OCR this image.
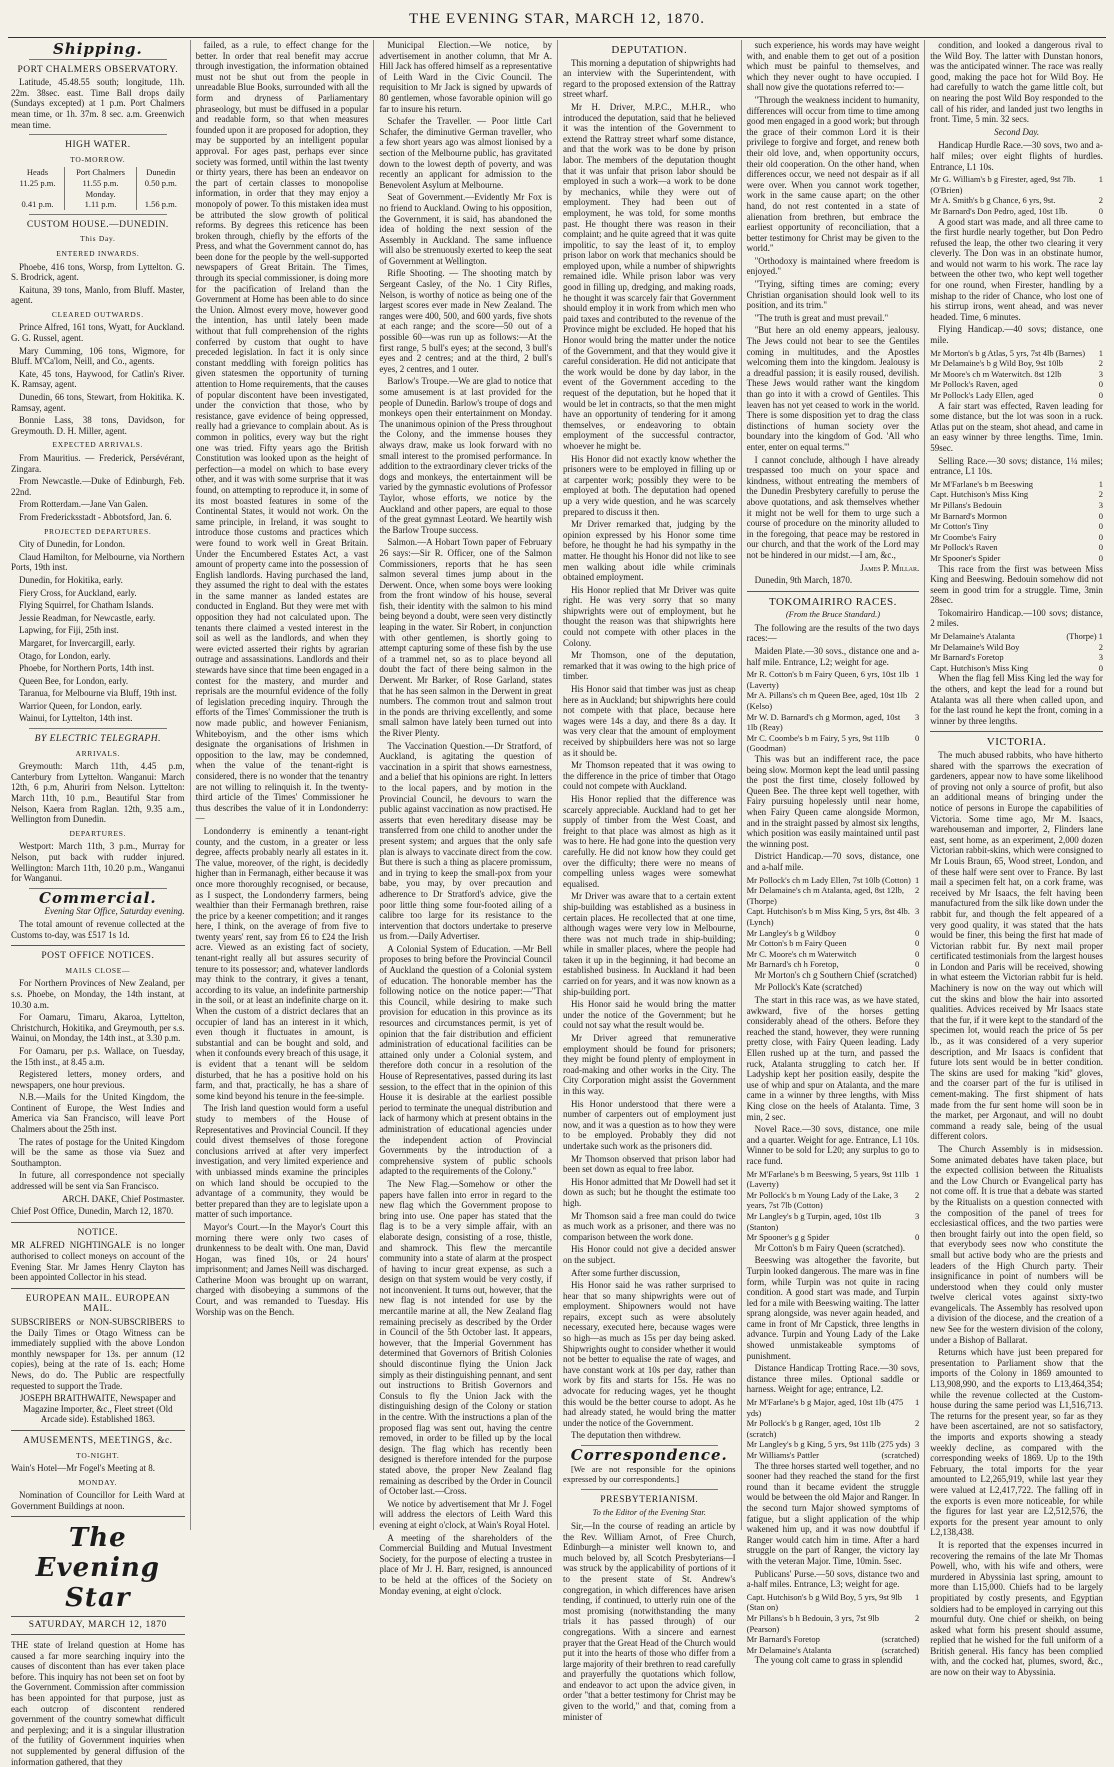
THE EVENING STAR, MARCH 12, 1870.
Shipping.
PORT CHALMERS OBSERVATORY.

Latitude, 45.48.55 south; longitude, 11h. 22m. 38sec. east. Time Ball drops daily (Sundays excepted) at 1 p.m. Port Chalmers mean time, or 1h. 37m. 8 sec. a.m. Greenwich mean time.

HIGH WATER.
TO-MORROW.
Heads	Port Chalmers	Dunedin
11.25 p.m.	11.55 p.m.	0.50 p.m.
	Monday.	
0.41 p.m.	1.11 p.m.	1.56 p.m.
CUSTOM HOUSE.—DUNEDIN.
This Day.
ENTERED INWARDS.

Phoebe, 416 tons, Worsp, from Lyttelton. G. S. Brodrick, agent.

Kaituna, 39 tons, Manlo, from Bluff. Master, agent.

CLEARED OUTWARDS.

Prince Alfred, 161 tons, Wyatt, for Auckland. G. G. Russel, agent.

Mary Cumming, 106 tons, Wigmore, for Bluff. M'Ca'lom, Neill, and Co., agents.

Kate, 45 tons, Haywood, for Catlin's River. K. Ramsay, agent.

Dunedin, 66 tons, Stewart, from Hokitika. K. Ramsay, agent.

Bonnie Lass, 38 tons, Davidson, for Greymouth. D. H. Miller, agent.

EXPECTED ARRIVALS.

From Mauritius. — Frederick, Persévérant, Zingara.

From Newcastle.—Duke of Edinburgh, Feb. 22nd.

From Rotterdam.—Jane Van Galen.

From Fredericksstadt - Abbotsford, Jan. 6.

PROJECTED DEPARTURES.

City of Dunedin, for London.

Claud Hamilton, for Melbourne, via Northern Ports, 19th inst.

Dunedin, for Hokitika, early.

Fiery Cross, for Auckland, early.

Flying Squirrel, for Chatham Islands.

Jessie Readman, for Newcastle, early.

Lapwing, for Fiji, 25th inst.

Margaret, for Invercargill, early.

Otago, for London, early.

Phoebe, for Northern Ports, 14th inst.

Queen Bee, for London, early.

Taranua, for Melbourne via Bluff, 19th inst.

Warrior Queen, for London, early.

Wainui, for Lyttelton, 14th inst.

BY ELECTRIC TELEGRAPH.
ARRIVALS.

Greymouth: March 11th, 4.45 p.m, Canterbury from Lyttelton. Wanganui: March 12th, 6 p.m, Ahuriri from Nelson. Lyttelton: March 11th, 10 p.m., Beautiful Star from Nelson, Kaera from Raglan. 12th, 9.35 a.m., Wellington from Dunedin.

DEPARTURES.

Westport: March 11th, 3 p.m., Murray for Nelson, put back with rudder injured. Wellington: March 11th, 10.20 p.m., Wanganui for Wanganui.

Commercial.

Evening Star Office, Saturday evening.

The total amount of revenue collected at the Customs to-day, was £517 1s 1d.

POST OFFICE NOTICES.
MAILS CLOSE—

For Northern Provinces of New Zealand, per s.s. Phoebe, on Monday, the 14th instant, at 10.30 a.m.

For Oamaru, Timaru, Akaroa, Lyttelton, Christchurch, Hokitika, and Greymouth, per s.s. Wainui, on Monday, the 14th inst., at 3.30 p.m.

For Oamaru, per p.s. Wallace, on Tuesday, the 15th inst., at 8.45 a.m.

Registered letters, money orders, and newspapers, one hour previous.

N.B.—Mails for the United Kingdom, the Continent of Europe, the West Indies and America via San Francisco, will leave Port Chalmers about the 25th inst.

The rates of postage for the United Kingdom will be the same as those via Suez and Southampton.

In future, all correspondence not specially addressed will be sent via San Francisco.

ARCH. DAKE, Chief Postmaster.

Chief Post Office, Dunedin, March 12, 1870.

NOTICE.

MR ALFRED NIGHTINGALE is no longer authorised to collect moneys on account of the Evening Star. Mr James Henry Clayton has been appointed Collector in his stead.

EUROPEAN MAIL. EUROPEAN MAIL.

SUBSCRIBERS or NON-SUBSCRIBERS to the Daily Times or Otago Witness can be immediately supplied with the above London monthly newspaper for 13s. per annum (12 copies), being at the rate of 1s. each; Home News, do do. The Public are respectfully requested to support the Trade.

JOSEPH BRAITHWAITE, Newspaper and Magazine Importer, &c., Fleet street (Old Arcade side). Established 1863.

AMUSEMENTS, MEETINGS, &c.
TO-NIGHT.

Wain's Hotel—Mr Fogel's Meeting at 8.

MONDAY.

Nomination of Councillor for Leith Ward at Government Buildings at noon.

The Evening Star
SATURDAY, MARCH 12, 1870

THE state of Ireland question at Home has caused a far more searching inquiry into the causes of discontent than has ever taken place before. This inquiry has not been set on foot by the Government. Commission after commission has been appointed for that purpose, just as each outcrop of discontent rendered government of the country somewhat difficult and perplexing; and it is a singular illustration of the futility of Government inquiries when not supplemented by general diffusion of the information gathered, that they

failed, as a rule, to effect change for the better. In order that real benefit may accrue through investigation, the information obtained must not be shut out from the people in unreadable Blue Books, surrounded with all the form and dryness of Parliamentary phraseology, but must be diffused in a popular and readable form, so that when measures founded upon it are proposed for adoption, they may be supported by an intelligent popular approval. For ages past, perhaps ever since society was formed, until within the last twenty or thirty years, there has been an endeavor on the part of certain classes to monopolise information, in order that they may enjoy a monopoly of power. To this mistaken idea must be attributed the slow growth of political reforms. By degrees this reticence has been broken through, chiefly by the efforts of the Press, and what the Government cannot do, has been done for the people by the well-supported newspapers of Great Britain. The Times, through its special commissioner, is doing more for the pacification of Ireland than the Government at Home has been able to do since the Union. Almost every move, however good the intention, has until lately been made without that full comprehension of the rights conferred by custom that ought to have preceded legislation. In fact it is only since constant meddling with foreign politics has given statesmen the opportunity of turning attention to Home requirements, that the causes of popular discontent have been investigated, under the conviction that those, who by resistance, gave evidence of being oppressed, really had a grievance to complain about. As is common in politics, every way but the right one was tried. Fifty years ago the British Constitution was looked upon as the height of perfection—a model on which to base every other, and it was with some surprise that it was found, on attempting to reproduce it, in some of its most boasted features in some of the Continental States, it would not work. On the same principle, in Ireland, it was sought to introduce those customs and practices which were found to work well in Great Britain. Under the Encumbered Estates Act, a vast amount of property came into the possession of English landlords. Having purchased the land, they assumed the right to deal with the estates in the same manner as landed estates are conducted in England. But they were met with opposition they had not calculated upon. The tenants there claimed a vested interest in the soil as well as the landlords, and when they were evicted asserted their rights by agrarian outrage and assassinations. Landlords and their stewards have since that time been engaged in a contest for the mastery, and murder and reprisals are the mournful evidence of the folly of legislation preceding inquiry. Through the efforts of the Times' Commissioner the truth is now made public, and however Fenianism, Whiteboyism, and the other isms which designate the organisations of Irishmen in opposition to the law, may be condemned, when the value of the tenant-right is considered, there is no wonder that the tenantry are not willing to relinquish it. In the twenty-third article of the Times' Commissioner he thus describes the value of it in Londonderry:—

Londonderry is eminently a tenant-right county, and the custom, in a greater or less degree, affects probably nearly all estates in it. The value, moreover, of the right, is decidedly higher than in Fermanagh, either because it was once more thoroughly recognised, or because, as I suspect, the Londonderry farmers, being wealthier than their Fermanagh brethren, raise the price by a keener competition; and it ranges here, I think, on the average of from five to twenty years' rent, say from £6 to £24 the Irish acre. Viewed as an existing fact of society, tenant-right really all but assures security of tenure to its possessor; and, whatever landlords may think to the contrary, it gives a tenant, according to its value, an indefinite partnership in the soil, or at least an indefinite charge on it. When the custom of a district declares that an occupier of land has an interest in it which, even though it fluctuates in amount, is substantial and can be bought and sold, and when it confounds every breach of this usage, it is evident that a tenant will be seldom disturbed, that he has a positive hold on his farm, and that, practically, he has a share of some kind beyond his tenure in the fee-simple.

The Irish land question would form a useful study to members of the House of Representatives and Provincial Council. If they could divest themselves of those foregone conclusions arrived at after very imperfect investigation, and very limited experience and with unbiassed minds examine the principles on which land should be occupied to the advantage of a community, they would be better prepared than they are to legislate upon a matter of such importance.

Mayor's Court.—In the Mayor's Court this morning there were only two cases of drunkenness to be dealt with. One man, David Hogan, was fined 10s, or 24 hours' imprisonment; and James Neill was discharged. Catherine Moon was brought up on warrant, charged with disobeying a summons of the Court, and was remanded to Tuesday. His Worship was on the Bench.

Municipal Election.—We notice, by advertisement in another column, that Mr A. Hill Jack has offered himself as a representative of Leith Ward in the Civic Council. The requisition to Mr Jack is signed by upwards of 80 gentlemen, whose favorable opinion will go far to insure his return.

Schafer the Traveller. — Poor little Carl Schafer, the diminutive German traveller, who a few short years ago was almost lionised by a section of the Melbourne public, has gravitated down to the lowest depth of poverty, and was recently an applicant for admission to the Benevolent Asylum at Melbourne.

Seat of Government.—Evidently Mr Fox is no friend to Auckland. Owing to his opposition, the Government, it is said, has abandoned the idea of holding the next session of the Assembly in Auckland. The same influence will also be strenuously exerted to keep the seat of Government at Wellington.

Rifle Shooting. — The shooting match by Sergeant Casley, of the No. 1 City Rifles, Nelson, is worthy of notice as being one of the largest scores ever made in New Zealand. The ranges were 400, 500, and 600 yards, five shots at each range; and the score—50 out of a possible 60—was run up as follows:—At the first range, 5 bull's eyes; at the second, 3 bull's eyes and 2 centres; and at the third, 2 bull's eyes, 2 centres, and 1 outer.

Barlow's Troupe.—We are glad to notice that some amusement is at last provided for the people of Dunedin. Barlow's troupe of dogs and monkeys open their entertainment on Monday. The unanimous opinion of the Press throughout the Colony, and the immense houses they always draw, make us look forward with no small interest to the promised performance. In addition to the extraordinary clever tricks of the dogs and monkeys, the entertainment will be varied by the gymnastic evolutions of Professor Taylor, whose efforts, we notice by the Auckland and other papers, are equal to those of the great gymnast Leotard. We heartily wish the Barlow Troupe success.

Salmon.—A Hobart Town paper of February 26 says:—Sir R. Officer, one of the Salmon Commissioners, reports that he has seen salmon several times jump about in the Derwent. Once, when some boys were looking from the front window of his house, several fish, their identity with the salmon to his mind being beyond a doubt, were seen very distinctly leaping in the water. Sir Robert, in conjunction with other gentlemen, is shortly going to attempt capturing some of these fish by the use of a trammel net, so as to place beyond all doubt the fact of there being salmon in the Derwent. Mr Barker, of Rose Garland, states that he has seen salmon in the Derwent in great numbers. The common trout and salmon trout in the ponds are thriving excellently, and some small salmon have lately been turned out into the River Plenty.

The Vaccination Question.—Dr Stratford, of Auckland, is agitating the question of vaccination in a spirit that shows earnestness, and a belief that his opinions are right. In letters to the local papers, and by motion in the Provincial Council, he devours to warn the public against vaccination as now practised. He asserts that even hereditary disease may be transferred from one child to another under the present system; and argues that the only safe plan is always to vaccinate direct from the cow. But there is such a thing as placere promissum, and in trying to keep the small-pox from your babe, you may, by over precaution and adherence to Dr Stratford's advice, give the poor little thing some four-footed ailing of a calibre too large for its resistance to the intervention that doctors undertake to preserve us from.—Daily Advertiser.

A Colonial System of Education. —Mr Bell proposes to bring before the Provincial Council of Auckland the question of a Colonial system of education. The honorable member has the following notice on the notice paper:—"That this Council, while desiring to make such provision for education in this province as its resources and circumstances permit, is yet of opinion that the fair distribution and efficient administration of educational facilities can be attained only under a Colonial system, and therefore doth concur in a resolution of the House of Representatives, passed during its last session, to the effect that in the opinion of this House it is desirable at the earliest possible period to terminate the unequal distribution and lack of harmony which at present obtains in the administration of educational agencies under the independent action of Provincial Governments by the introduction of a comprehensive system of public schools adapted to the requirements of the Colony."

The New Flag.—Somehow or other the papers have fallen into error in regard to the new flag which the Government propose to bring into use. One paper has stated that the flag is to be a very simple affair, with an elaborate design, consisting of a rose, thistle, and shamrock. This flew the mercantile community into a state of alarm at the prospect of having to incur great expense, as such a design on that system would be very costly, if not inconvenient. It turns out, however, that the new flag is not intended for use by the mercantile marine at all, the New Zealand flag remaining precisely as described by the Order in Council of the 5th October last. It appears, however, that the Imperial Government has determined that Governors of British Colonies should discontinue flying the Union Jack simply as their distinguishing pennant, and sent out instructions to British Governors and Consuls to fly the Union Jack with the distinguishing design of the Colony or station in the centre. With the instructions a plan of the proposed flag was sent out, having the centre removed, in order to be filled up by the local design. The flag which has recently been designed is therefore intended for the purpose stated above, the proper New Zealand flag remaining as described by the Order in Council of October last.—Cross.

We notice by advertisement that Mr J. Fogel will address the electors of Leith Ward this evening at eight o'clock, at Wain's Royal Hotel.

A meeting of the shareholders of the Commercial Building and Mutual Investment Society, for the purpose of electing a trustee in place of Mr J. H. Barr, resigned, is announced to be held at the offices of the Society on Monday evening, at eight o'clock.

DEPUTATION.

This morning a deputation of shipwrights had an interview with the Superintendent, with regard to the proposed extension of the Rattray street wharf.

Mr H. Driver, M.P.C., M.H.R., who introduced the deputation, said that he believed it was the intention of the Government to extend the Rattray street wharf some distance, and that the work was to be done by prison labor. The members of the deputation thought that it was unfair that prison labor should be employed in such a work—a work to be done by mechanics, while they were out of employment. They had been out of employment, he was told, for some months past. He thought there was reason in their complaint; and he quite agreed that it was quite impolitic, to say the least of it, to employ prison labor on work that mechanics should be employed upon, while a number of shipwrights remained idle. While prison labor was very good in filling up, dredging, and making roads, he thought it was scarcely fair that Government should employ it in work from which men who paid taxes and contributed to the revenue of the Province might be excluded. He hoped that his Honor would bring the matter under the notice of the Government, and that they would give it careful consideration. He did not anticipate that the work would be done by day labor, in the event of the Government acceding to the request of the deputation, but he hoped that it would be let in contracts, so that the men might have an opportunity of tendering for it among themselves, or endeavoring to obtain employment of the successful contractor, whoever he might be.

His Honor did not exactly know whether the prisoners were to be employed in filling up or at carpenter work; possibly they were to be employed at both. The deputation had opened up a very wide question, and he was scarcely prepared to discuss it then.

Mr Driver remarked that, judging by the opinion expressed by his Honor some time before, he thought he had his sympathy in the matter. He thought his Honor did not like to see men walking about idle while criminals obtained employment.

His Honor replied that Mr Driver was quite right. He was very sorry that so many shipwrights were out of employment, but he thought the reason was that shipwrights here could not compete with other places in the Colony.

Mr Thomson, one of the deputation, remarked that it was owing to the high price of timber.

His Honor said that timber was just as cheap here as in Auckland; but shipwrights here could not compete with that place, because here wages were 14s a day, and there 8s a day. It was very clear that the amount of employment received by shipbuilders here was not so large as it should be.

Mr Thomson repeated that it was owing to the difference in the price of timber that Otago could not compete with Auckland.

His Honor replied that the difference was scarcely appreciable. Auckland had to get her supply of timber from the West Coast, and freight to that place was almost as high as it was to here. He had gone into the question very carefully. He did not know how they could get over the difficulty; there were no means of compelling unless wages were somewhat equalised.

Mr Driver was aware that to a certain extent ship-building was established as a business in certain places. He recollected that at one time, although wages were very low in Melbourne, there was not much trade in ship-building; while in smaller places, where the people had taken it up in the beginning, it had become an established business. In Auckland it had been carried on for years, and it was now known as a ship-building port.

His Honor said he would bring the matter under the notice of the Government; but he could not say what the result would be.

Mr Driver agreed that remunerative employment should be found for prisoners; they might be found plenty of employment in road-making and other works in the City. The City Corporation might assist the Government in this way.

His Honor understood that there were a number of carpenters out of employment just now, and it was a question as to how they were to be employed. Probably they did not undertake such work as the prisoners did.

Mr Thomson observed that prison labor had been set down as equal to free labor.

His Honor admitted that Mr Dowell had set it down as such; but he thought the estimate too high.

Mr Thomson said a free man could do twice as much work as a prisoner, and there was no comparison between the work done.

His Honor could not give a decided answer on the subject.

After some further discussion,

His Honor said he was rather surprised to hear that so many shipwrights were out of employment. Shipowners would not have repairs, except such as were absolutely necessary, executed here, because wages were so high—as much as 15s per day being asked. Shipwrights ought to consider whether it would not be better to equalise the rate of wages, and have constant work at 10s per day, rather than work by fits and starts for 15s. He was no advocate for reducing wages, yet he thought this would be the better course to adopt. As he had already stated, he would bring the matter under the notice of the Government.

The deputation then withdrew.

Correspondence.

[We are not responsible for the opinions expressed by our correspondents.]

PRESBYTERIANISM.
To the Editor of the Evening Star.

Sir,—In the course of reading an article by the Rev. William Arnot, of Free Church, Edinburgh—a minister well known to, and much beloved by, all Scotch Presbyterians—I was struck by the applicability of portions of it to the present state of St. Andrew's congregation, in which differences have arisen tending, if continued, to utterly ruin one of the most promising (notwithstanding the many trials it has passed through) of our congregations. With a sincere and earnest prayer that the Great Head of the Church would put it into the hearts of those who differ from a large majority of their brethren to read carefully and prayerfully the quotations which follow, and endeavor to act upon the advice given, in order "that a better testimony for Christ may be given to the world," and that, coming from a minister of

such experience, his words may have weight with, and enable them to get out of a position which must be painful to themselves, and which they never ought to have occupied. I shall now give the quotations referred to:—

"Through the weakness incident to humanity, differences will occur from time to time among good men engaged in a good work; but through the grace of their common Lord it is their privilege to forgive and forget, and renew both their old love, and, when opportunity occurs, their old cooperation. On the other hand, when differences occur, we need not despair as if all were over. When you cannot work together, work in the same cause apart; on the other hand, do not rest contented in a state of alienation from brethren, but embrace the earliest opportunity of reconciliation, that a better testimony for Christ may be given to the world."

"Orthodoxy is maintained where freedom is enjoyed."

"Trying, sifting times are coming; every Christian organisation should look well to its position, and its trim."

"The truth is great and must prevail."

"But here an old enemy appears, jealousy. The Jews could not bear to see the Gentiles coming in multitudes, and the Apostles welcoming them into the kingdom. Jealousy is a dreadful passion; it is easily roused, devilish. These Jews would rather want the kingdom than go into it with a crowd of Gentiles. This leaven has not yet ceased to work in the world. There is some disposition yet to drag the class distinctions of human society over the boundary into the kingdom of God. 'All who enter, enter on equal terms.'"

I cannot conclude, although I have already trespassed too much on your space and kindness, without entreating the members of the Dunedin Presbytery carefully to peruse the above quotations, and ask themselves whether it might not be well for them to urge such a course of procedure on the minority alluded to in the foregoing, that peace may be restored in our church, and that the work of the Lord may not be hindered in our midst.—I am, &c.,

James P. Millar.

Dunedin, 9th March, 1870.

TOKOMAIRIRO RACES.
(From the Bruce Standard.)

The following are the results of the two days races:—

Maiden Plate.—30 sovs., distance one and a-half mile. Entrance, L2; weight for age.

Mr R. Cotton's b m Fairy Queen, 6 yrs, 10st 1lb (Laverty)
1
Mr A. Pillans's ch m Queen Bee, aged, 10st 1lb (Kelso)
2
Mr W. D. Barnard's ch g Mormon, aged, 10st 1lb (Reay)
3
Mr C. Coombe's b m Fairy, 5 yrs, 9st 11lb (Goodman)
0

This was but an indifferent race, the pace being slow. Mormon kept the lead until passing the post the first time, closely followed by Queen Bee. The three kept well together, with Fairy pursuing hopelessly until near home, when Fairy Queen came alongside Mormon, and in the straight passed by almost six lengths, which position was easily maintained until past the winning post.

District Handicap.—70 sovs, distance, one and a-half mile.

Mr Pollock's ch m Lady Ellen, 7st 10lb (Cotton) 1
Mr Delamaine's ch m Atalanta, aged, 8st 12lb, (Thorpe)
2
Capt. Hutchison's b m Miss King, 5 yrs, 8st 4lb. (Lynch)
3
Mr Langley's b g Wildboy	0
Mr Cotton's b m Fairy Queen	0
Mr C. Moore's ch m Waterwitch	0
Mr Barnard's ch h Foretop,	0

Mr Morton's ch g Southern Chief (scratched)

Mr Pollock's Kate (scratched)

The start in this race was, as we have stated, awkward, five of the horses getting considerably ahead of the others. Before they reached the stand, however, they were running pretty close, with Fairy Queen leading. Lady Ellen rushed up at the turn, and passed the ruck, Atalanta struggling to catch her. If Ladyship kept her position easily, despite the use of whip and spur on Atalanta, and the mare came in a winner by three lengths, with Miss King close on the heels of Atalanta. Time, 3 min, 2 sec.

Novel Race.—30 sovs, distance, one mile and a quarter. Weight for age. Entrance, L1 10s. Winner to be sold for L20; any surplus to go to race fund.

Mr M'Farlane's b m Beeswing, 5 years, 9st 11lb (Laverty)
1
Mr Pollock's b m Young Lady of the Lake, 3 years, 7st 7lb (Cotton)
2
Mr Langley's b g Turpin, aged, 10st 1lb (Stanton)
3
Mr Spooner's g g Spider	0

Mr Cotton's b m Fairy Queen (scratched).

Beeswing was altogether the favorite, but Turpin looked dangerous. The mare was in fine form, while Turpin was not quite in racing condition. A good start was made, and Turpin led for a mile with Beeswing waiting. The latter sprang alongside, was never again headed, and came in front of Mr Capstick, three lengths in advance. Turpin and Young Lady of the Lake showed unmistakeable symptoms of punishment.

Distance Handicap Trotting Race.—30 sovs, distance three miles. Optional saddle or harness. Weight for age; entrance, L2.

Mr M'Farlane's b g Major, aged, 10st 1lb (475 yds)
1
Mr Pollock's b g Ranger, aged, 10st 1lb (scratch)
2
Mr Langley's b g King, 5 yrs, 9st 11lb (275 yds) 3
Mr Williams's Pattler	(scratched)

The three horses started well together, and no sooner had they reached the stand for the first round than it became evident the struggle would be between the old Major and Ranger. In the second turn Major showed symptoms of fatigue, but a slight application of the whip wakened him up, and it was now doubtful if Ranger would catch him in time. After a hard struggle on the part of Ranger, the victory lay with the veteran Major. Time, 10min. 5sec.

Publicans' Purse.—50 sovs, distance two and a-half miles. Entrance, L3; weight for age.

Capt. Hutchison's b g Wild Boy, 5 yrs, 9st 9lb (Stan on)
1
Mr Pillans's b h Bedouin, 3 yrs, 7st 9lb (Pearson)
2
Mr Barnard's Foretop	(scratched)
Mr Delamaine's Atalanta	(scratched)

The young colt came to grass in splendid

condition, and looked a dangerous rival to the Wild Boy. The latter with Dunstan honors, was the anticipated winner. The race was really good, making the pace hot for Wild Boy. He had carefully to watch the game little colt, but on nearing the post Wild Boy responded to the call of his rider, and landed just two lengths in front. Time, 5 min. 32 secs.

Second Day.

Handicap Hurdle Race.—30 sovs, two and a-half miles; over eight flights of hurdles. Entrance, L1 10s.

Mr G. William's b g Firester, aged, 9st 7lb. (O'Brien)
1
Mr A. Smith's b g Chance, 6 yrs, 9st.	2
Mr Barnard's Don Pedro, aged, 10st 1lb.	0

A good start was made, and all three came to the first hurdle nearly together, but Don Pedro refused the leap, the other two clearing it very cleverly. The Don was in an obstinate humor, and would not warm to his work. The race lay between the other two, who kept well together for one round, when Firester, handling by a mishap to the rider of Chance, who lost one of his stirrup irons, went ahead, and was never headed. Time, 6 minutes.

Flying Handicap.—40 sovs; distance, one mile.

Mr Morton's b g Atlas, 5 yrs, 7st 4lb (Barnes)	1
Mr Delamaine's b g Wild Boy, 9st 10lb	2
Mr Moore's ch m Waterwitch. 8st 12lb	3
Mr Pollock's Raven, aged	0
Mr Pollock's Lady Ellen, aged	0

A fair start was effected, Raven leading for some distance, but the lot was soon in a ruck. Atlas put on the steam, shot ahead, and came in an easy winner by three lengths. Time, 1min. 59sec.

Selling Race.—30 sovs; distance, 1¼ miles; entrance, L1 10s.

Mr M'Farlane's b m Beeswing	1
Capt. Hutchison's Miss King	2
Mr Pillans's Bedouin	3
Mr Barnard's Mormon	0
Mr Cotton's Tiny	0
Mr Coombe's Fairy	0
Mr Pollock's Raven	0
Mr Spooner's Spider	0

This race from the first was between Miss King and Beeswing. Bedouin somehow did not seem in good trim for a struggle. Time, 3min 28sec.

Tokomairiro Handicap.—100 sovs; distance, 2 miles.

Mr Delamaine's Atalanta	(Thorpe) 1
Mr Delamaine's Wild Boy	2
Mr Barnard's Foretop	3
Capt. Hutchison's Miss King	0

When the flag fell Miss King led the way for the others, and kept the lead for a round but Atalanta was all there when called upon, and for the last round he kept the front, coming in a winner by three lengths.

VICTORIA.

The much abused rabbits, who have hitherto shared with the sparrows the execration of gardeners, appear now to have some likelihood of proving not only a source of profit, but also an additional means of bringing under the notice of persons in Europe the capabilities of Victoria. Some time ago, Mr M. Isaacs, warehouseman and importer, 2, Flinders lane east, sent home, as an experiment, 2,000 dozen Victorian rabbit-skins, which were consigned to Mr Louis Braun, 65, Wood street, London, and of these half were sent over to France. By last mail a specimen felt hat, on a cork frame, was received by Mr Isaacs, the felt having been manufactured from the silk like down under the rabbit fur, and though the felt appeared of a very good quality, it was stated that the hats would be finer, this being the first hat made of Victorian rabbit fur. By next mail proper certificated testimonials from the largest houses in London and Paris will be received, showing in what esteem the Victorian rabbit fur is held. Machinery is now on the way out which will cut the skins and blow the hair into assorted qualities. Advices received by Mr Isaacs state that the fur, if it were kept to the standard of the specimen lot, would reach the price of 5s per lb., as it was considered of a very superior description, and Mr Isaacs is confident that future lots sent would be in better condition. The skins are used for making "kid" gloves, and the coarser part of the fur is utilised in cement-making. The first shipment of hats made from the fur sent home will soon be in the market, per Argonaut, and will no doubt command a ready sale, being of the usual different colors.

The Church Assembly is in midsession. Some animated debates have taken place, but the expected collision between the Ritualists and the Low Church or Evangelical party has not come off. It is true that a debate was started by the Ritualists on a question connected with the composition of the panel of trees for ecclesiastical offices, and the two parties were then brought fairly out into the open field, so that everybody sees now who constitute the small but active body who are the priests and leaders of the High Church party. Their insignificance in point of numbers will be understood when they could only muster twelve clerical votes against sixty-two evangelicals. The Assembly has resolved upon a division of the diocese, and the creation of a new See for the western division of the colony, under a Bishop of Ballarat.

Returns which have just been prepared for presentation to Parliament show that the imports of the Colony in 1869 amounted to L13,908,990, and the exports to L13,464,354; while the revenue collected at the Custom-house during the same period was L1,516,713. The returns for the present year, so far as they have been ascertained, are not so satisfactory, the imports and exports showing a steady weekly decline, as compared with the corresponding weeks of 1869. Up to the 19th February, the total imports for the year amounted to L2,265,919, while last year they were valued at L2,417,722. The falling off in the exports is even more noticeable, for while the figures for last year are L2,512,576, the exports for the present year amount to only L2,138,438.

It is reported that the expenses incurred in recovering the remains of the late Mr Thomas Powell, who, with his wife and others, were murdered in Abyssinia last spring, amount to more than L15,000. Chiefs had to be largely propitiated by costly presents, and Egyptian soldiers had to be employed in carrying out this mournful duty. One chief or sheikh, on being asked what form his present should assume, replied that he wished for the full uniform of a British general. His fancy has been complied with, and the cocked hat, plumes, sword, &c., are now on their way to Abyssinia.
